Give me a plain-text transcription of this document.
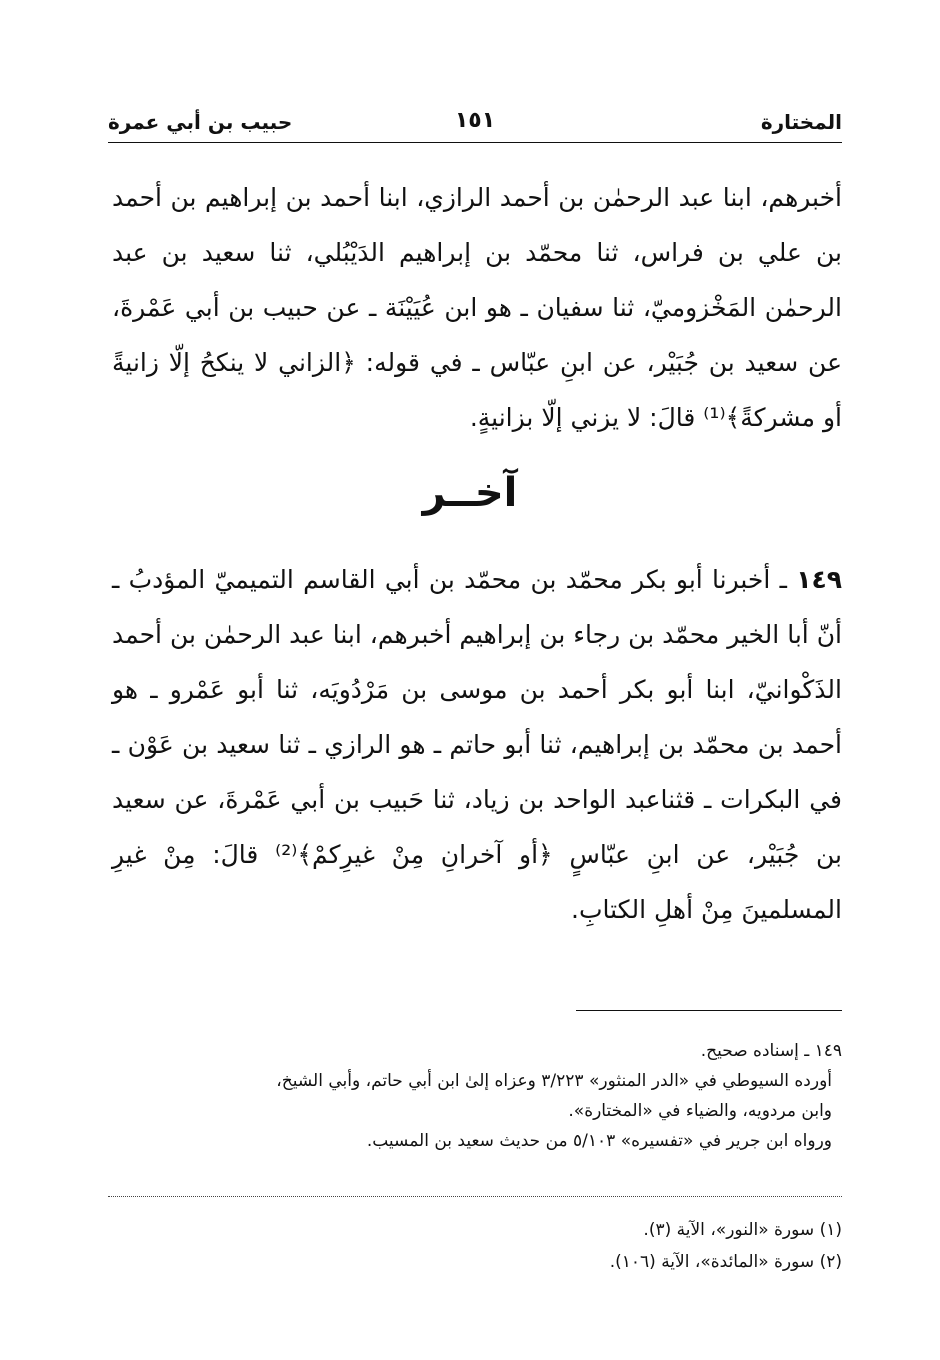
حبيب بن أبي عمرة	١٥١	المختارة

أخبرهم، ابنا عبد الرحمٰن بن أحمد الرازي، ابنا أحمد بن إبراهيم بن أحمد بن علي بن فراس، ثنا محمّد بن إبراهيم الدَيْبُلي، ثنا سعيد بن عبد الرحمٰن المَخْزوميّ، ثنا سفيان ـ هو ابن عُيَيْنَة ـ عن حبيب بن أبي عَمْرةَ، عن سعيد بن جُبَيْر، عن ابنِ عبّاس ـ في قوله: ﴿الزاني لا ينكحُ إلّا زانيةً أو مشركةً﴾⁽¹⁾ قالَ: لا يزني إلّا بزانيةٍ.

آخــر

١٤٩ ـ أخبرنا أبو بكر محمّد بن محمّد بن أبي القاسم التميميّ المؤدبُ ـ أنّ أبا الخير محمّد بن رجاء بن إبراهيم أخبرهم، ابنا عبد الرحمٰن بن أحمد الذَكْوانيّ، ابنا أبو بكر أحمد بن موسى بن مَرْدُويَه، ثنا أبو عَمْرو ـ هو أحمد بن محمّد بن إبراهيم، ثنا أبو حاتم ـ هو الرازي ـ ثنا سعيد بن عَوْن ـ في البكرات ـ قثناعبد الواحد بن زياد، ثنا حَبيب بن أبي عَمْرةَ، عن سعيد بن جُبَيْر، عن ابنِ عبّاسٍ ﴿أو آخرانِ مِنْ غيرِكمْ﴾⁽²⁾ قالَ: مِنْ غيرِ المسلمينَ مِنْ أهلِ الكتابِ.

١٤٩ ـ إسناده صحيح.
أورده السيوطي في «الدر المنثور» ٣/٢٢٣ وعزاه إلىٰ ابن أبي حاتم، وأبي الشيخ،
وابن مردويه، والضياء في «المختارة».
ورواه ابن جرير في «تفسيره» ٥/١٠٣ من حديث سعيد بن المسيب.
(١) سورة «النور»، الآية (٣).
(٢) سورة «المائدة»، الآية (١٠٦).
